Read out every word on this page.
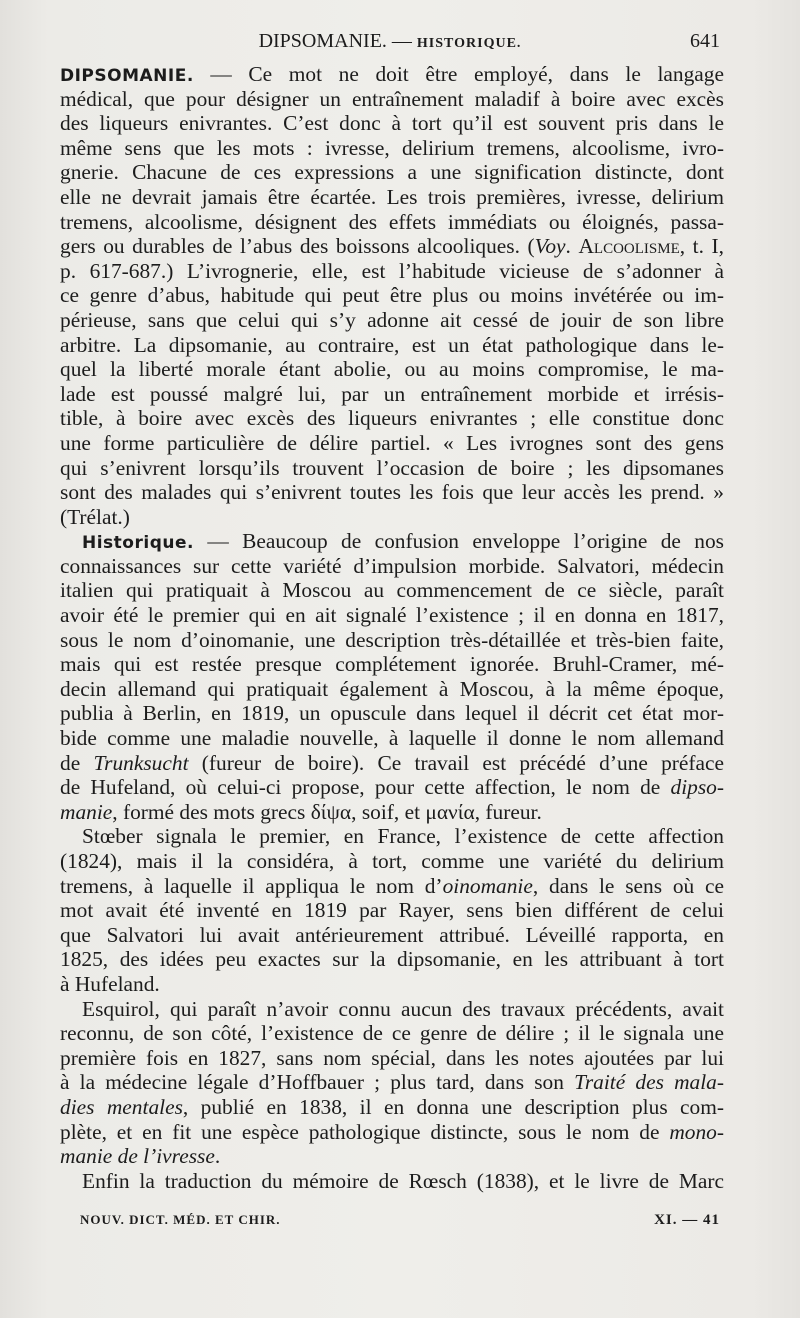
DIPSOMANIE. — HISTORIQUE.	641
DIPSOMANIE. — Ce mot ne doit être employé, dans le langage
médical, que pour désigner un entraînement maladif à boire avec excès
des liqueurs enivrantes. C’est donc à tort qu’il est souvent pris dans le
même sens que les mots : ivresse, delirium tremens, alcoolisme, ivro-
gnerie. Chacune de ces expressions a une signification distincte, dont
elle ne devrait jamais être écartée. Les trois premières, ivresse, delirium
tremens, alcoolisme, désignent des effets immédiats ou éloignés, passa-
gers ou durables de l’abus des boissons alcooliques. (Voy. Alcoolisme, t. I,
p. 617-687.) L’ivrognerie, elle, est l’habitude vicieuse de s’adonner à
ce genre d’abus, habitude qui peut être plus ou moins invétérée ou im-
périeuse, sans que celui qui s’y adonne ait cessé de jouir de son libre
arbitre. La dipsomanie, au contraire, est un état pathologique dans le-
quel la liberté morale étant abolie, ou au moins compromise, le ma-
lade est poussé malgré lui, par un entraînement morbide et irrésis-
tible, à boire avec excès des liqueurs enivrantes ; elle constitue donc
une forme particulière de délire partiel. « Les ivrognes sont des gens
qui s’enivrent lorsqu’ils trouvent l’occasion de boire ; les dipsomanes
sont des malades qui s’enivrent toutes les fois que leur accès les prend. »
(Trélat.)
Historique. — Beaucoup de confusion enveloppe l’origine de nos
connaissances sur cette variété d’impulsion morbide. Salvatori, médecin
italien qui pratiquait à Moscou au commencement de ce siècle, paraît
avoir été le premier qui en ait signalé l’existence ; il en donna en 1817,
sous le nom d’oinomanie, une description très-détaillée et très-bien faite,
mais qui est restée presque complétement ignorée. Bruhl-Cramer, mé-
decin allemand qui pratiquait également à Moscou, à la même époque,
publia à Berlin, en 1819, un opuscule dans lequel il décrit cet état mor-
bide comme une maladie nouvelle, à laquelle il donne le nom allemand
de Trunksucht (fureur de boire). Ce travail est précédé d’une préface
de Hufeland, où celui-ci propose, pour cette affection, le nom de dipso-
manie, formé des mots grecs δίψα, soif, et μανία, fureur.
Stœber signala le premier, en France, l’existence de cette affection
(1824), mais il la considéra, à tort, comme une variété du delirium
tremens, à laquelle il appliqua le nom d’oinomanie, dans le sens où ce
mot avait été inventé en 1819 par Rayer, sens bien différent de celui
que Salvatori lui avait antérieurement attribué. Léveillé rapporta, en
1825, des idées peu exactes sur la dipsomanie, en les attribuant à tort
à Hufeland.
Esquirol, qui paraît n’avoir connu aucun des travaux précédents, avait
reconnu, de son côté, l’existence de ce genre de délire ; il le signala une
première fois en 1827, sans nom spécial, dans les notes ajoutées par lui
à la médecine légale d’Hoffbauer ; plus tard, dans son Traité des mala-
dies mentales, publié en 1838, il en donna une description plus com-
plète, et en fit une espèce pathologique distincte, sous le nom de mono-
manie de l’ivresse.
Enfin la traduction du mémoire de Rœsch (1838), et le livre de Marc
NOUV. DICT. MÉD. ET CHIR.	XI. — 41
